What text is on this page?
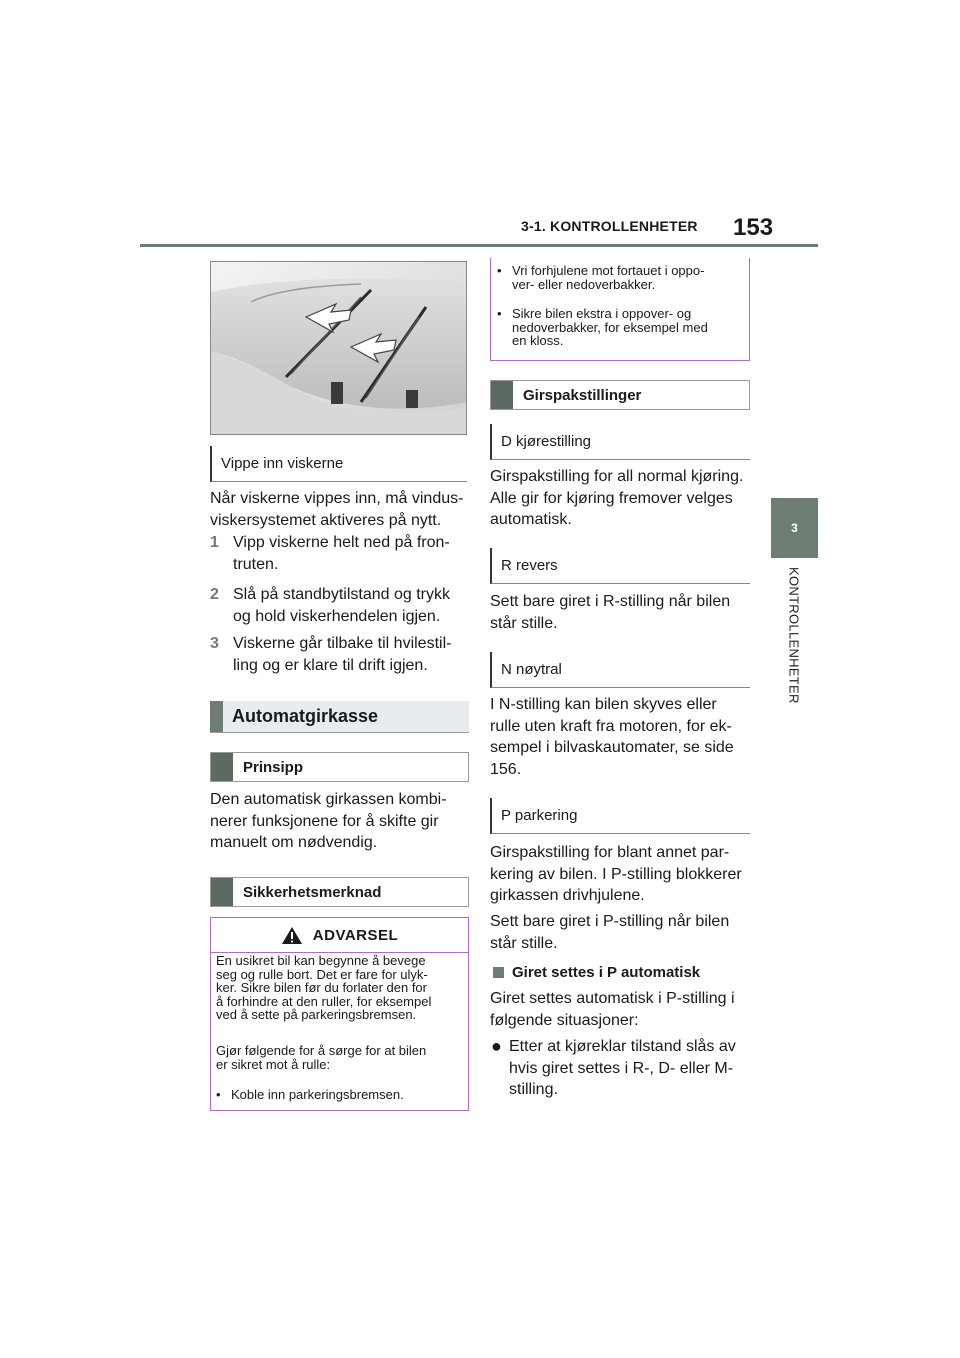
3-1. KONTROLLENHETER 153
3
KONTROLLENHETER
Vippe inn viskerne
Når viskerne vippes inn, må vindus-
viskersystemet aktiveres på nytt.
1 Vipp viskerne helt ned på fron-
truten.
2 Slå på standbytilstand og trykk
og hold viskerhendelen igjen.
3 Viskerne går tilbake til hvilestil-
ling og er klare til drift igjen.
Automatgirkasse
Prinsipp
Den automatisk girkassen kombi-
nerer funksjonene for å skifte gir
manuelt om nødvendig.
Sikkerhetsmerknad
ADVARSEL
En usikret bil kan begynne å bevege
seg og rulle bort. Det er fare for ulyk-
ker. Sikre bilen før du forlater den for
å forhindre at den ruller, for eksempel
ved å sette på parkeringsbremsen.
Gjør følgende for å sørge for at bilen
er sikret mot å rulle:
• Koble inn parkeringsbremsen.
• Vri forhjulene mot fortauet i oppo-
ver- eller nedoverbakker.
• Sikre bilen ekstra i oppover- og
nedoverbakker, for eksempel med
en kloss.
Girspakstillinger
D kjørestilling
Girspakstilling for all normal kjøring.
Alle gir for kjøring fremover velges
automatisk.
R revers
Sett bare giret i R-stilling når bilen
står stille.
N nøytral
I N-stilling kan bilen skyves eller
rulle uten kraft fra motoren, for ek-
sempel i bilvaskautomater, se side
156.
P parkering
Girspakstilling for blant annet par-
kering av bilen. I P-stilling blokkerer
girkassen drivhjulene.
Sett bare giret i P-stilling når bilen
står stille.
Giret settes i P automatisk
Giret settes automatisk i P-stilling i
følgende situasjoner:
● Etter at kjøreklar tilstand slås av
hvis giret settes i R-, D- eller M-
stilling.
